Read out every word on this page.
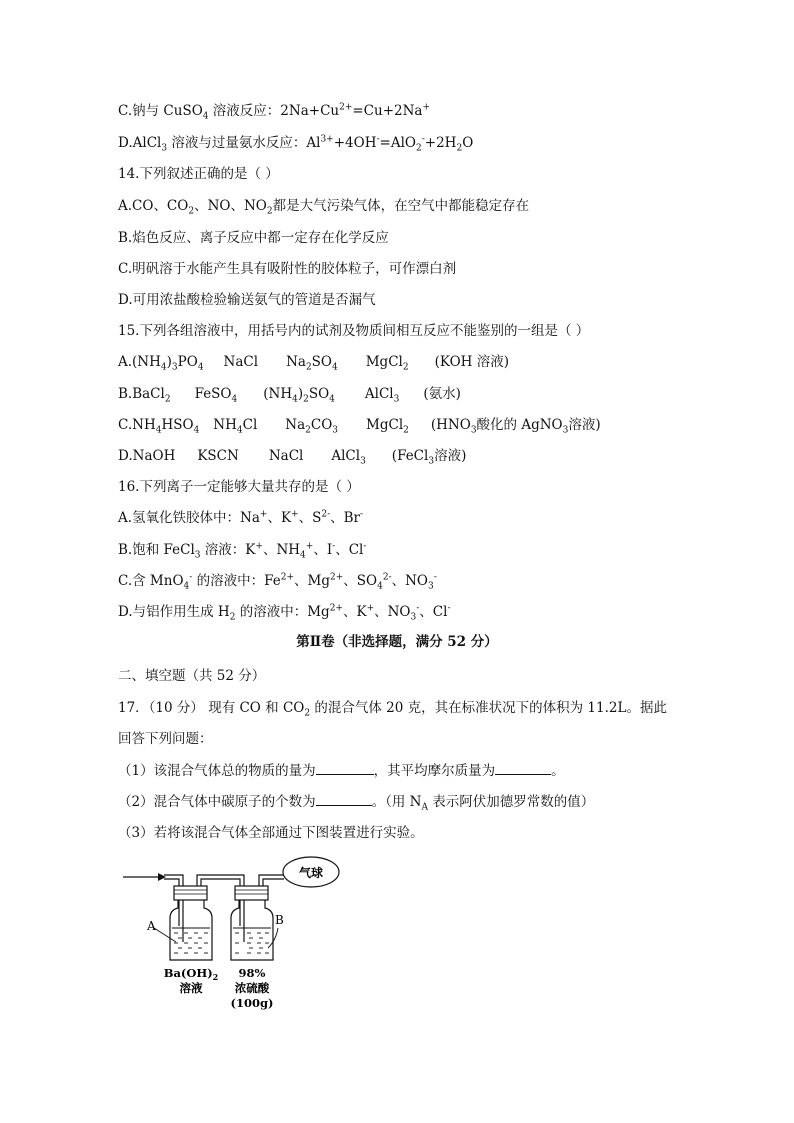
C.钠与 CuSO$_4$ 溶液反应：$2Na+Cu^{2+}=Cu+2Na^+$
D.AlCl$_3$ 溶液与过量氨水反应：$Al^{3+}+4OH^-=AlO_2^-+2H_2O$
14.下列叙述正确的是（ ）
A.CO、$CO_2$、NO、$NO_2$都是大气污染气体，在空气中都能稳定存在
B.焰色反应、离子反应中都一定存在化学反应
C.明矾溶于水能产生具有吸附性的胶体粒子，可作漂白剂
D.可用浓盐酸检验输送氨气的管道是否漏气
15.下列各组溶液中，用括号内的试剂及物质间相互反应不能鉴别的一组是（ ）
$A.(NH_4)_3PO_4$ NaCl $Na_2SO_4$ MgCl$_2$ (KOH 溶液)
B.BaCl$_2$ FeSO$_4$ $(NH_4)_2SO_4$ AlCl$_3$ (氨水)
$C.NH_4HSO_4$ $NH_4Cl$ $Na_2CO_3$ MgCl$_2$ ($HNO_3$酸化的 AgNO$_3$溶液)
D.NaOH KSCN NaCl AlCl$_3$ (FeCl$_3$溶液)
16.下列离子一定能够大量共存的是（ ）
A.氢氧化铁胶体中：Na+、K+、$S^{2-}$、Br-
B.饱和 FeCl$_3$ 溶液：K+、$NH_4^+$、I-、Cl-
C.含 MnO$_4$- 的溶液中：$Fe^{2+}$、$Mg^{2+}$、$SO_4^{2-}$、$NO_3^-$
D.与铝作用生成 $H_2$ 的溶液中：$Mg^{2+}$、K+、$NO_3^-$、Cl-
第Ⅱ卷（非选择题，满分 52 分）
二、填空题（共 52 分）
17．（10 分） 现有 CO 和 $CO_2$ 的混合气体 20 克，其在标准状况下的体积为 11.2L。据此
回答下列问题：
（1）该混合气体总的物质的量为	，其平均摩尔质量为	。
（2）混合气体中碳原子的个数为	。（用 $N_A$ 表示阿伏加德罗常数的值）
（3）若将该混合气体全部通过下图装置进行实验。
气球
A	B
$Ba(OH)_2$
溶液
98%
浓硫酸
(100g)
